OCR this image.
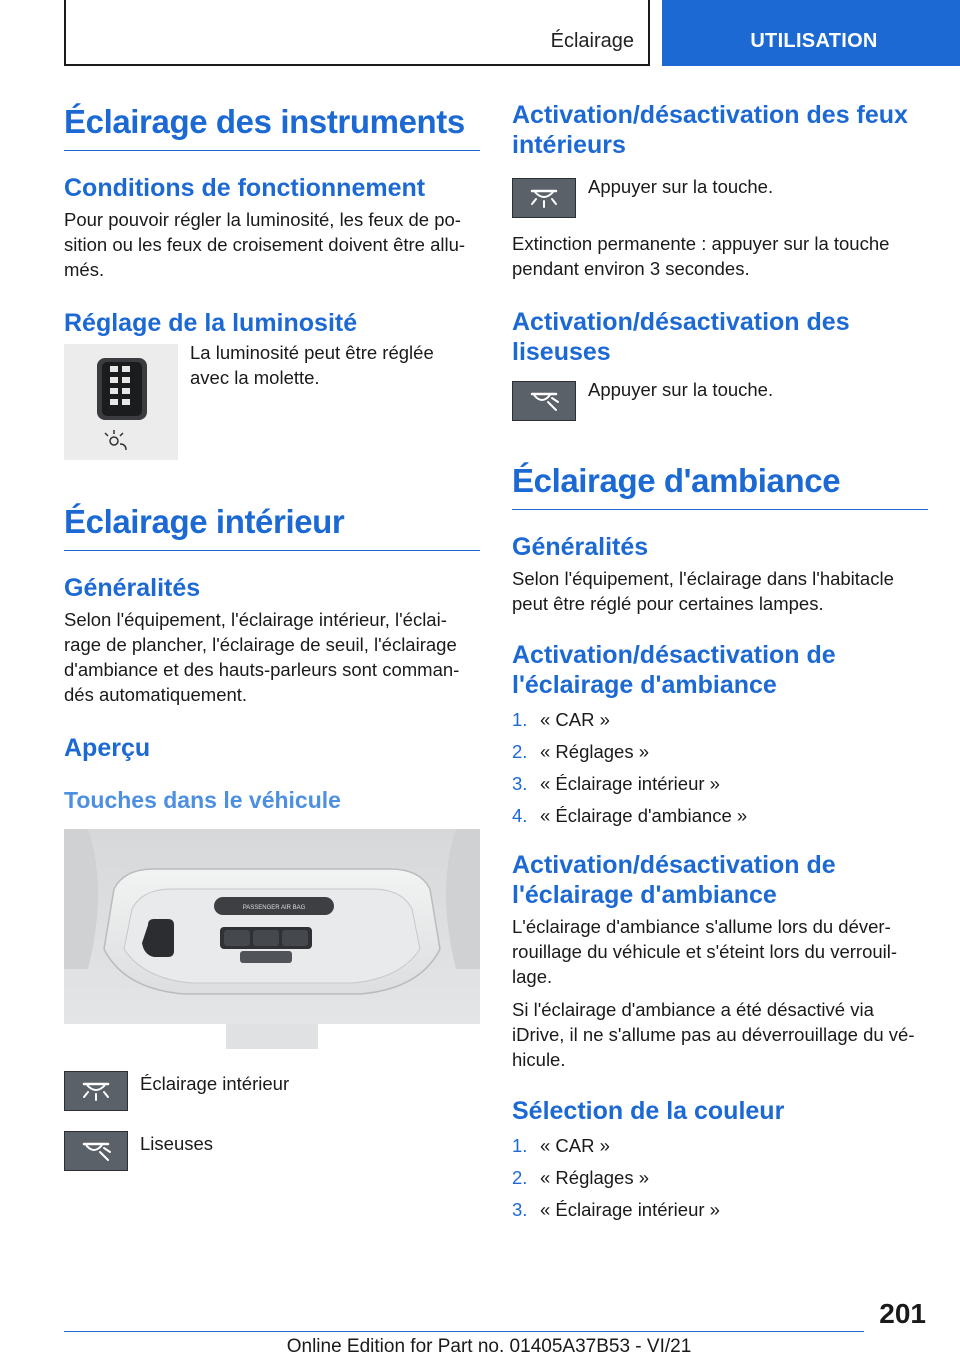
Éclairage	UTILISATION
Éclairage des instruments
Conditions de fonctionnement

Pour pouvoir régler la luminosité, les feux de po-sition ou les feux de croisement doivent être allu-més.

Réglage de la luminosité

La luminosité peut être réglée avec la molette.

Éclairage intérieur
Généralités

Selon l'équipement, l'éclairage intérieur, l'éclai-rage de plancher, l'éclairage de seuil, l'éclairage d'ambiance et des hauts-parleurs sont comman-dés automatiquement.

Aperçu
Touches dans le véhicule
PASSENGER AIR BAG

Éclairage intérieur

Liseuses

Activation/désactivation des feux intérieurs

Appuyer sur la touche.

Extinction permanente : appuyer sur la touche pendant environ 3 secondes.

Activation/désactivation des liseuses

Appuyer sur la touche.

Éclairage d'ambiance
Généralités

Selon l'équipement, l'éclairage dans l'habitacle peut être réglé pour certaines lampes.

Activation/désactivation de l'éclairage d'ambiance
1. « CAR »
2. « Réglages »
3. « Éclairage intérieur »
4. « Éclairage d'ambiance »
Activation/désactivation de l'éclairage d'ambiance

L'éclairage d'ambiance s'allume lors du déver-rouillage du véhicule et s'éteint lors du verrouil-lage.

Si l'éclairage d'ambiance a été désactivé via iDrive, il ne s'allume pas au déverrouillage du vé-hicule.

Sélection de la couleur
1. « CAR »
2. « Réglages »
3. « Éclairage intérieur »
201
Online Edition for Part no. 01405A37B53 - VI/21
